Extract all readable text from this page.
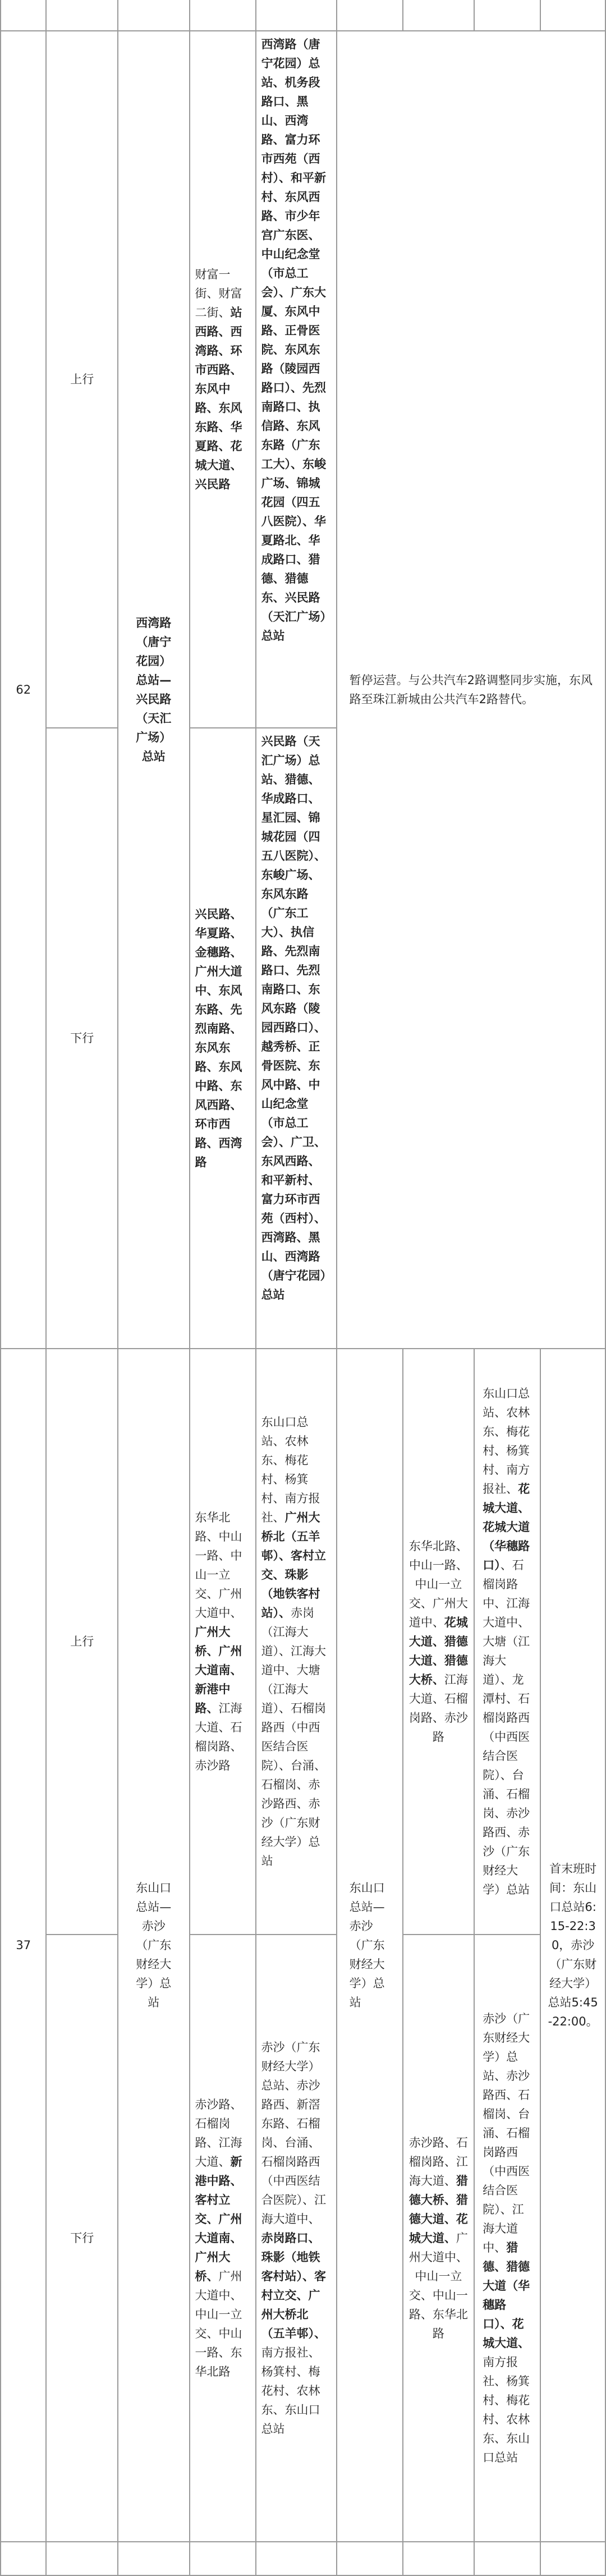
62	上行	西湾路（唐宁花园）总站—兴民路（天汇广场）总站	财富一街、财富二街、站西路、西湾路、环市西路、东风中路、东风东路、华夏路、花城大道、兴民路	西湾路（唐宁花园）总站、机务段路口、黑山、西湾路、富力环市西苑（西村）、和平新村、东风西路、市少年宫广东医、中山纪念堂（市总工会）、广东大厦、东风中路、正骨医院、东风东路（陵园西路口）、先烈南路口、执信路、东风东路（广东工大）、东峻广场、锦城花园（四五八医院）、华夏路北、华成路口、猎德、猎德东、兴民路（天汇广场）总站	暂停运营。与公共汽车2路调整同步实施，东风路至珠江新城由公共汽车2路替代。			

	下行		兴民路、华夏路、金穗路、广州大道中、东风东路、先烈南路、东风东路、东风中路、东风西路、环市西路、西湾路	兴民路（天汇广场）总站、猎德、华成路口、星汇园、锦城花园（四五八医院）、东峻广场、东风东路（广东工大）、执信路、先烈南路口、先烈南路口、东风东路（陵园西路口）、越秀桥、正骨医院、东风中路、中山纪念堂（市总工会）、广卫、东风西路、和平新村、富力环市西苑（西村）、西湾路、黑山、西湾路（唐宁花园）总站				
37	上行	东山口总站—赤沙（广东财经大学）总站	东华北路、中山一路、中山一立交、广州大道中、广州大桥、广州大道南、新港中路、江海大道、石榴岗路、赤沙路	东山口总站、农林东、梅花村、杨箕村、南方报社、广州大桥北（五羊邨）、客村立交、珠影（地铁客村站）、赤岗（江海大道）、江海大道中、大塘（江海大道）、石榴岗路西（中西医结合医院）、台涌、石榴岗、赤沙路西、赤沙（广东财经大学）总站	东山口总站—赤沙（广东财经大学）总站	东华北路、中山一路、中山一立交、广州大道中、花城大道、猎德大道、猎德大桥、江海大道、石榴岗路、赤沙路	东山口总站、农林东、梅花村、杨箕村、南方报社、花城大道、花城大道（华穗路口）、石榴岗路中、江海大道中、大塘（江海大道）、龙潭村、石榴岗路西（中西医结合医院）、台涌、石榴岗、赤沙路西、赤沙（广东财经大学）总站	首末班时间：东山口总站6:15-22:30，赤沙（广东财经大学）总站5:45-22:00。

	下行		赤沙路、石榴岗路、江海大道、新港中路、客村立交、广州大道南、广州大桥、广州大道中、中山一立交、中山一路、东华北路	赤沙（广东财经大学）总站、赤沙路西、新滘东路、石榴岗、台涌、石榴岗路西（中西医结合医院）、江海大道中、赤岗路口、珠影（地铁客村站）、客村立交、广州大桥北（五羊邨）、南方报社、杨箕村、梅花村、农林东、东山口总站		赤沙路、石榴岗路、江海大道、猎德大桥、猎德大道、花城大道、广州大道中、中山一立交、中山一路、东华北路	赤沙（广东财经大学）总站、赤沙路西、石榴岗、台涌、石榴岗路西（中西医结合医院）、江海大道中、猎德、猎德大道（华穗路口）、花城大道、南方报社、杨箕村、梅花村、农林东、东山口总站	
